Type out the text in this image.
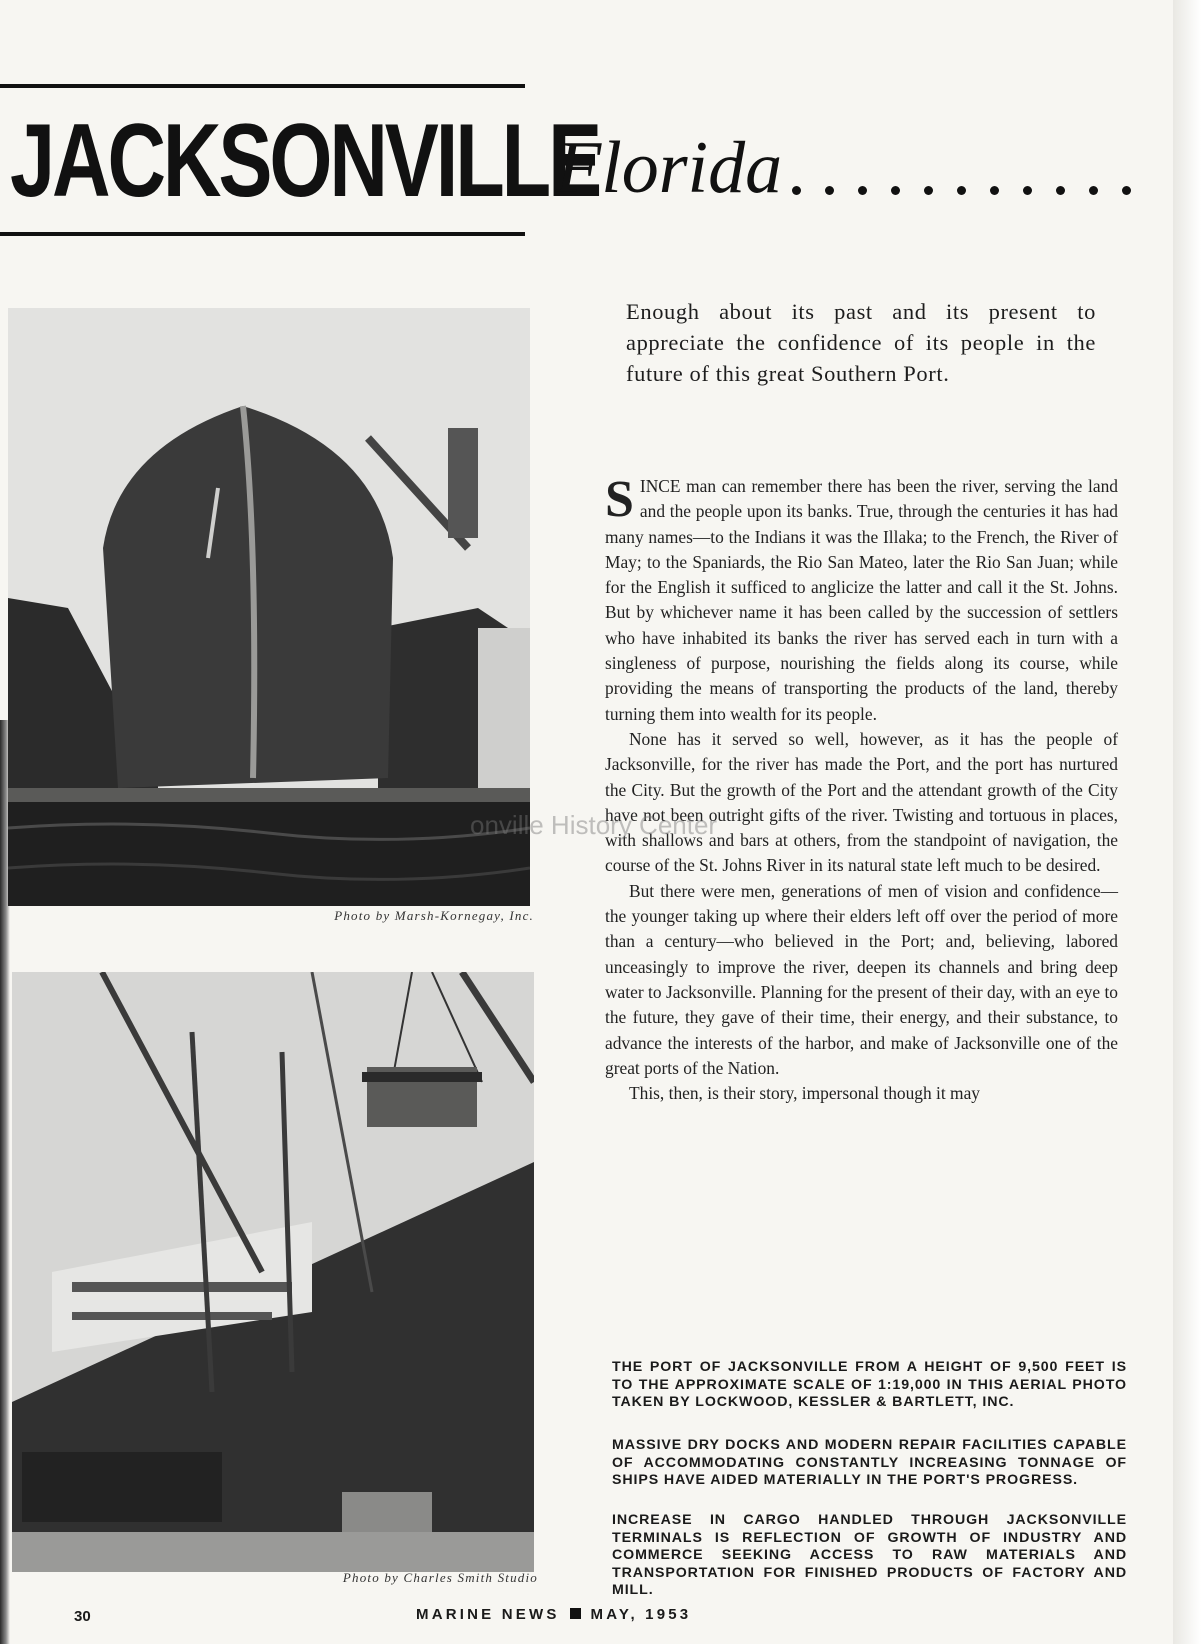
JACKSONVILLE
Florida

Enough about its past and its present to appreciate the confidence of its people in the future of this great Southern Port.

Photo by Marsh-Kornegay, Inc.
Photo by Charles Smith Studio

SINCE man can remember there has been the river, serving the land and the people upon its banks. True, through the centuries it has had many names—to the Indians it was the Illaka; to the French, the River of May; to the Spaniards, the Rio San Mateo, later the Rio San Juan; while for the English it sufficed to anglicize the latter and call it the St. Johns. But by whichever name it has been called by the succession of settlers who have inhabited its banks the river has served each in turn with a singleness of purpose, nourishing the fields along its course, while providing the means of transporting the products of the land, thereby turning them into wealth for its people.

None has it served so well, however, as it has the people of Jacksonville, for the river has made the Port, and the port has nurtured the City. But the growth of the Port and the attendant growth of the City have not been outright gifts of the river. Twisting and tortuous in places, with shallows and bars at others, from the standpoint of navigation, the course of the St. Johns River in its natural state left much to be desired.

But there were men, generations of men of vision and confidence—the younger taking up where their elders left off over the period of more than a century—who believed in the Port; and, believing, labored unceasingly to improve the river, deepen its channels and bring deep water to Jacksonville. Planning for the present of their day, with an eye to the future, they gave of their time, their energy, and their substance, to advance the interests of the harbor, and make of Jacksonville one of the great ports of the Nation.

This, then, is their story, impersonal though it may

onville History Center
THE PORT OF JACKSONVILLE FROM A HEIGHT OF 9,500 FEET IS TO THE APPROXIMATE SCALE OF 1:19,000 IN THIS AERIAL PHOTO TAKEN BY LOCKWOOD, KESSLER & BARTLETT, INC.
MASSIVE DRY DOCKS AND MODERN REPAIR FACILITIES CAPABLE OF ACCOMMODATING CONSTANTLY INCREASING TONNAGE OF SHIPS HAVE AIDED MATERIALLY IN THE PORT'S PROGRESS.
INCREASE IN CARGO HANDLED THROUGH JACKSONVILLE TERMINALS IS REFLECTION OF GROWTH OF INDUSTRY AND COMMERCE SEEKING ACCESS TO RAW MATERIALS AND TRANSPORTATION FOR FINISHED PRODUCTS OF FACTORY AND MILL.
30	MARINE NEWS MAY, 1953
